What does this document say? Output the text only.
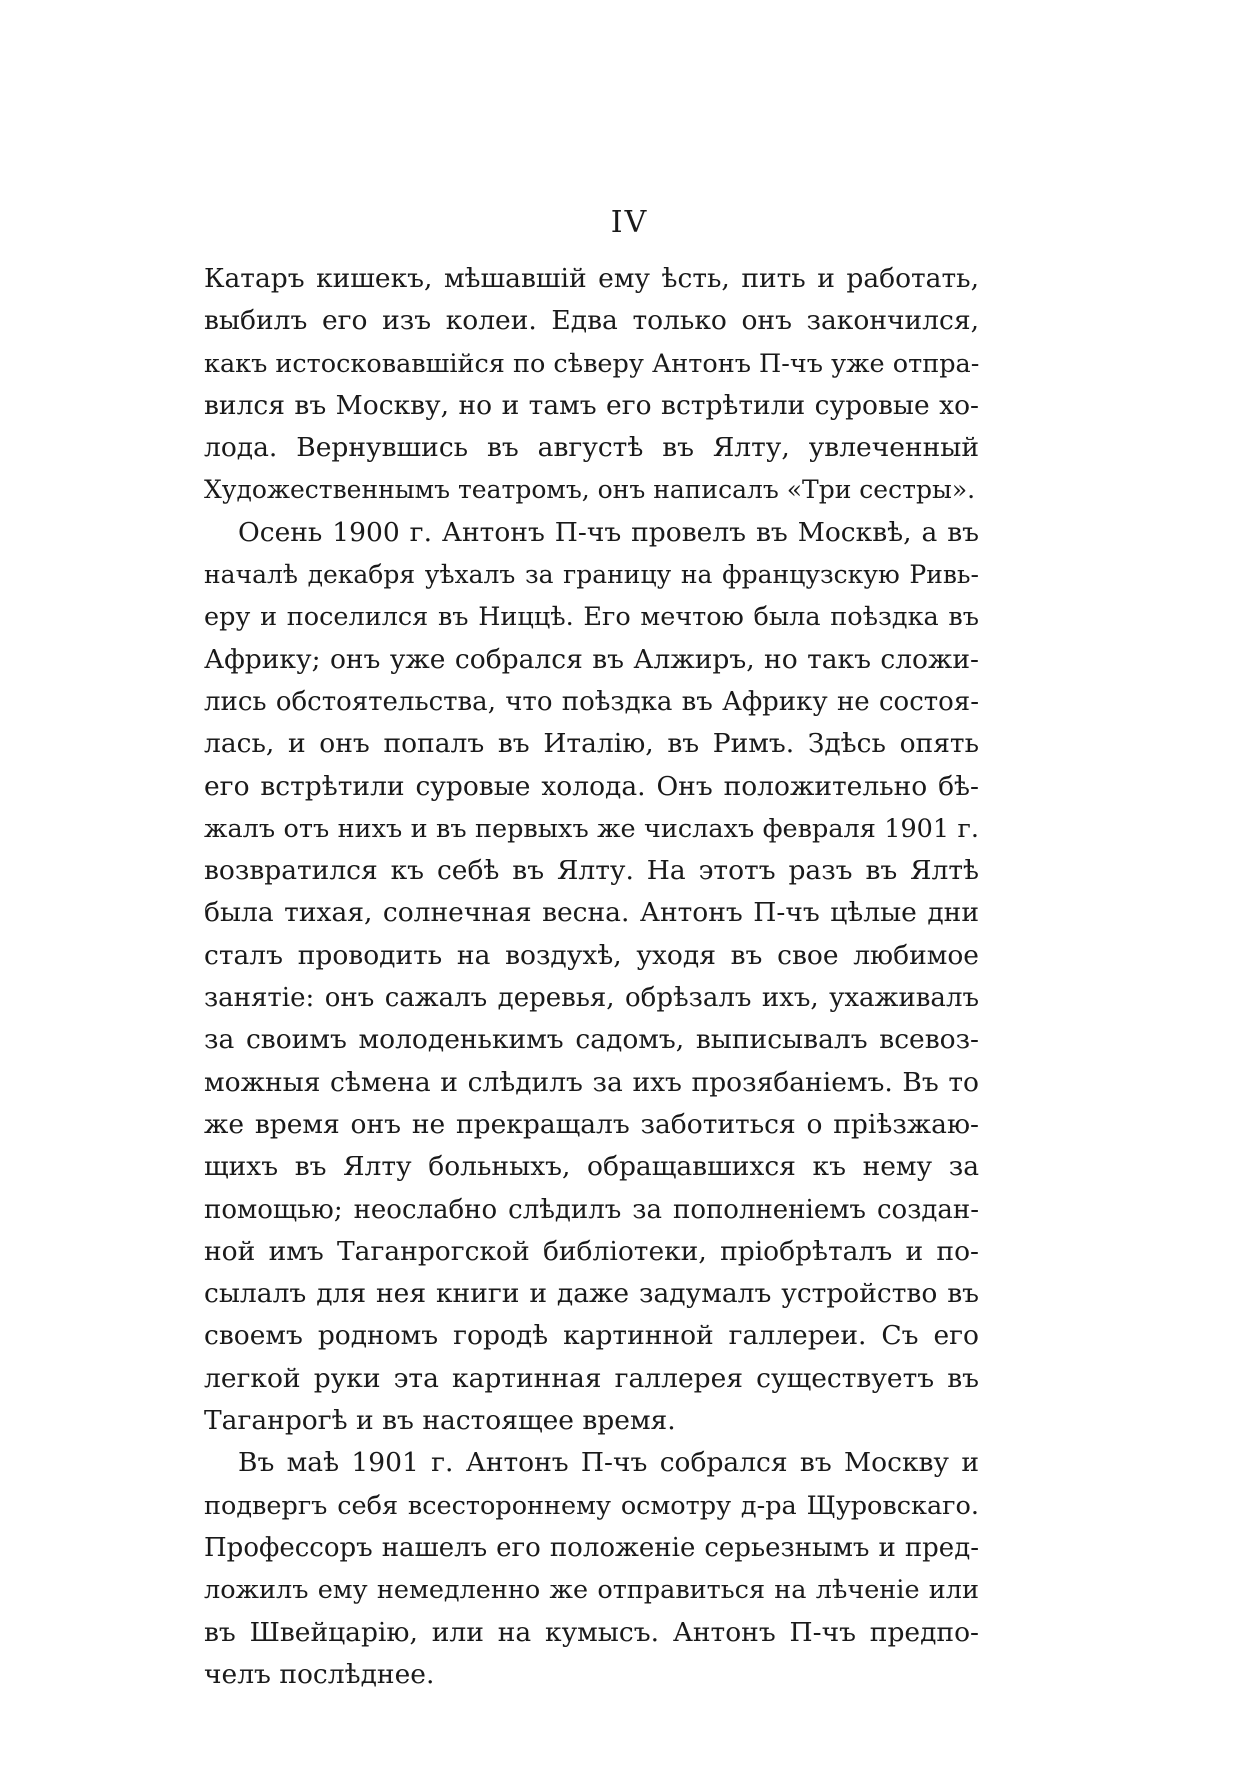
IV
Катаръ кишекъ, мѣшавшій ему ѣсть, пить и работать,
выбилъ его изъ колеи. Едва только онъ закончился,
какъ истосковавшійся по сѣверу Антонъ П-чъ уже отпра-
вился въ Москву, но и тамъ его встрѣтили суровые хо-
лода. Вернувшись въ августѣ въ Ялту, увлеченный
Художественнымъ театромъ, онъ написалъ «Три сестры».
Осень 1900 г. Антонъ П-чъ провелъ въ Москвѣ, а въ
началѣ декабря уѣхалъ за границу на французскую Ривь-
еру и поселился въ Ниццѣ. Его мечтою была поѣздка въ
Африку; онъ уже собрался въ Алжиръ, но такъ сложи-
лись обстоятельства, что поѣздка въ Африку не состоя-
лась, и онъ попалъ въ Италію, въ Римъ. Здѣсь опять
его встрѣтили суровые холода. Онъ положительно бѣ-
жалъ отъ нихъ и въ первыхъ же числахъ февраля 1901 г.
возвратился къ себѣ въ Ялту. На этотъ разъ въ Ялтѣ
была тихая, солнечная весна. Антонъ П-чъ цѣлые дни
сталъ проводить на воздухѣ, уходя въ свое любимое
занятіе: онъ сажалъ деревья, обрѣзалъ ихъ, ухаживалъ
за своимъ молоденькимъ садомъ, выписывалъ всевоз-
можныя сѣмена и слѣдилъ за ихъ прозябаніемъ. Въ то
же время онъ не прекращалъ заботиться о пріѣзжаю-
щихъ въ Ялту больныхъ, обращавшихся къ нему за
помощью; неослабно слѣдилъ за пополненіемъ создан-
ной имъ Таганрогской библіотеки, пріобрѣталъ и по-
сылалъ для нея книги и даже задумалъ устройство въ
своемъ родномъ городѣ картинной галлереи. Съ его
легкой руки эта картинная галлерея существуетъ въ
Таганрогѣ и въ настоящее время.
Въ маѣ 1901 г. Антонъ П-чъ собрался въ Москву и
подвергъ себя всестороннему осмотру д-ра Щуровскаго.
Профессоръ нашелъ его положеніе серьезнымъ и пред-
ложилъ ему немедленно же отправиться на лѣченіе или
въ Швейцарію, или на кумысъ. Антонъ П-чъ предпо-
челъ послѣднее.
